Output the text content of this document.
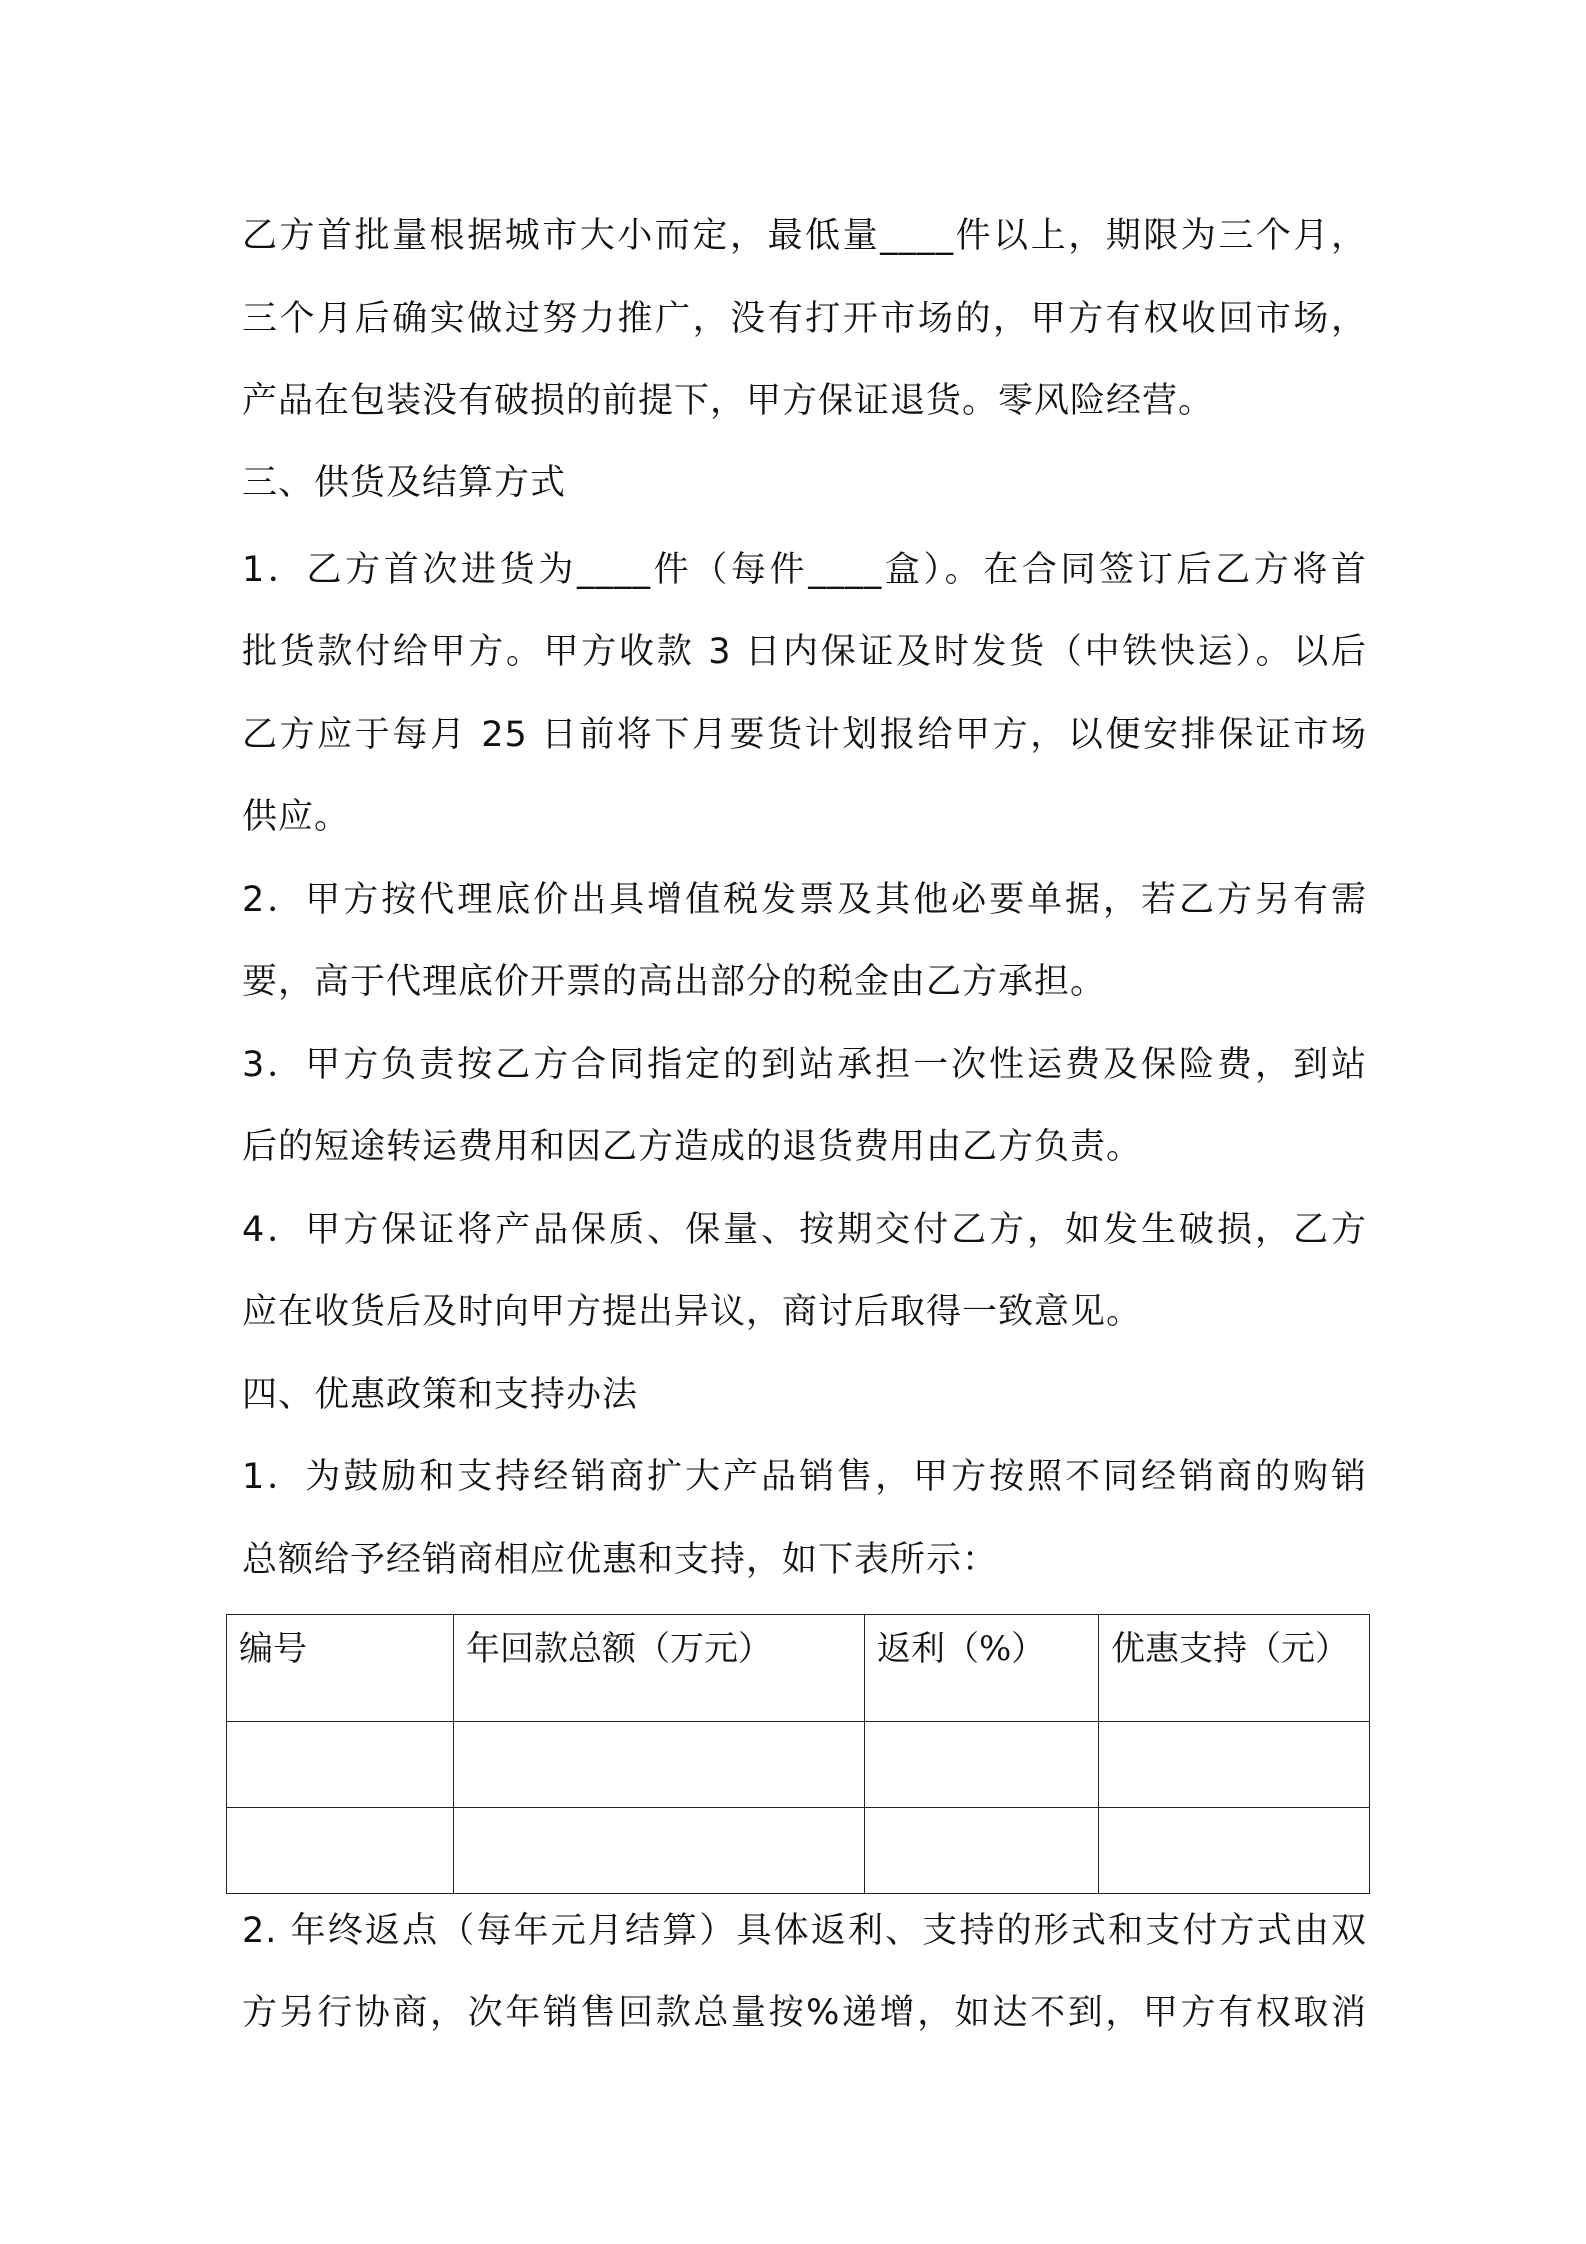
乙方首批量根据城市大小而定，最低量____件以上，期限为三个月，
三个月后确实做过努力推广，没有打开市场的，甲方有权收回市场，
产品在包装没有破损的前提下，甲方保证退货。零风险经营。
三、供货及结算方式
1．乙方首次进货为____件（每件____盒）。在合同签订后乙方将首
批货款付给甲方。甲方收款 3 日内保证及时发货（中铁快运）。以后
乙方应于每月 25 日前将下月要货计划报给甲方，以便安排保证市场
供应。
2．甲方按代理底价出具增值税发票及其他必要单据，若乙方另有需
要，高于代理底价开票的高出部分的税金由乙方承担。
3．甲方负责按乙方合同指定的到站承担一次性运费及保险费，到站
后的短途转运费用和因乙方造成的退货费用由乙方负责。
4．甲方保证将产品保质、保量、按期交付乙方，如发生破损，乙方
应在收货后及时向甲方提出异议，商讨后取得一致意见。
四、优惠政策和支持办法
1．为鼓励和支持经销商扩大产品销售，甲方按照不同经销商的购销
总额给予经销商相应优惠和支持，如下表所示：
编号	年回款总额（万元）	返利（%）	优惠支持（元）

2. 年终返点（每年元月结算）具体返利、支持的形式和支付方式由双
方另行协商，次年销售回款总量按%递增，如达不到，甲方有权取消
